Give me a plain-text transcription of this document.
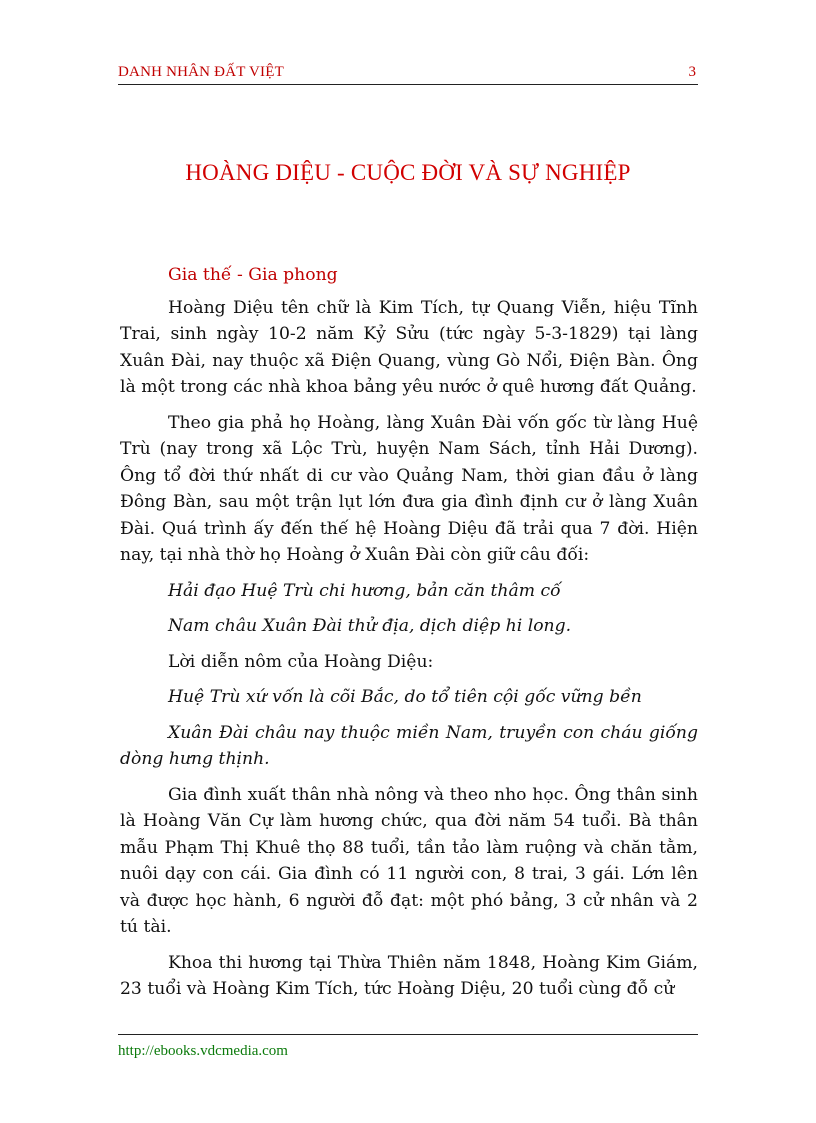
DANH NHÂN ĐẤT VIỆT	3
HOÀNG DIỆU - CUỘC ĐỜI VÀ SỰ NGHIỆP
Gia thế - Gia phong
Hoàng Diệu tên chữ là Kim Tích, tự Quang Viễn, hiệu Tĩnh Trai, sinh ngày 10-2 năm Kỷ Sửu (tức ngày 5-3-1829) tại làng Xuân Đài, nay thuộc xã Điện Quang, vùng Gò Nổi, Điện Bàn. Ông là một trong các nhà khoa bảng yêu nước ở quê hương đất Quảng.
Theo gia phả họ Hoàng, làng Xuân Đài vốn gốc từ làng Huệ Trù (nay trong xã Lộc Trù, huyện Nam Sách, tỉnh Hải Dương). Ông tổ đời thứ nhất di cư vào Quảng Nam, thời gian đầu ở làng Đông Bàn, sau một trận lụt lớn đưa gia đình định cư ở làng Xuân Đài. Quá trình ấy đến thế hệ Hoàng Diệu đã trải qua 7 đời. Hiện nay, tại nhà thờ họ Hoàng ở Xuân Đài còn giữ câu đối:
Hải đạo Huệ Trù chi hương, bản căn thâm cố
Nam châu Xuân Đài thử địa, dịch diệp hi long.
Lời diễn nôm của Hoàng Diệu:
Huệ Trù xứ vốn là cõi Bắc, do tổ tiên cội gốc vững bền
Xuân Đài châu nay thuộc miền Nam, truyền con cháu giống dòng hưng thịnh.
Gia đình xuất thân nhà nông và theo nho học. Ông thân sinh là Hoàng Văn Cự làm hương chức, qua đời năm 54 tuổi. Bà thân mẫu Phạm Thị Khuê thọ 88 tuổi, tần tảo làm ruộng và chăn tằm, nuôi dạy con cái. Gia đình có 11 người con, 8 trai, 3 gái. Lớn lên và được học hành, 6 người đỗ đạt: một phó bảng, 3 cử nhân và 2 tú tài.
Khoa thi hương tại Thừa Thiên năm 1848, Hoàng Kim Giám, 23 tuổi và Hoàng Kim Tích, tức Hoàng Diệu, 20 tuổi cùng đỗ cử
http://ebooks.vdcmedia.com
